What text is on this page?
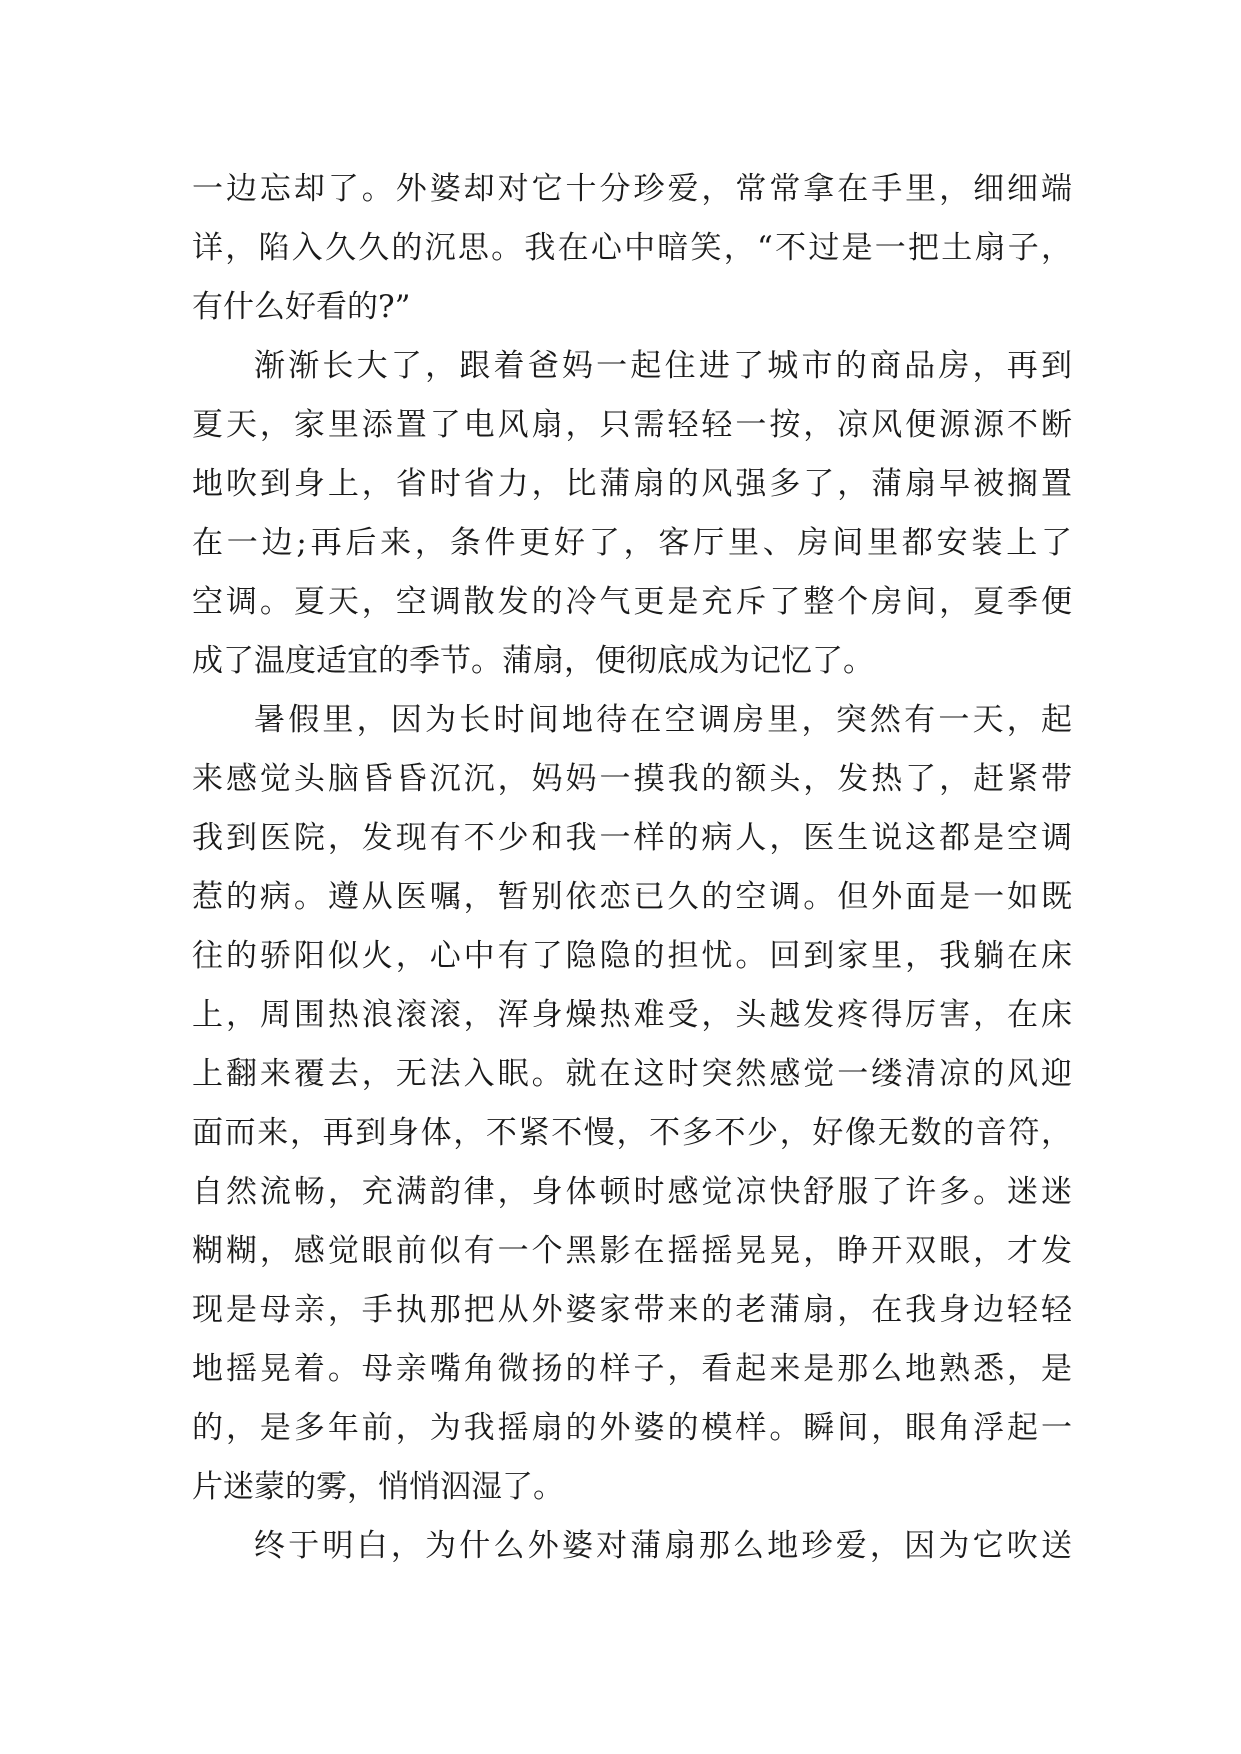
一边忘却了。外婆却对它十分珍爱，常常拿在手里，细细端
详，陷入久久的沉思。我在心中暗笑，“不过是一把土扇子，
有什么好看的?”
渐渐长大了，跟着爸妈一起住进了城市的商品房，再到
夏天，家里添置了电风扇，只需轻轻一按，凉风便源源不断
地吹到身上，省时省力，比蒲扇的风强多了，蒲扇早被搁置
在一边;再后来，条件更好了，客厅里、房间里都安装上了
空调。夏天，空调散发的冷气更是充斥了整个房间，夏季便
成了温度适宜的季节。蒲扇，便彻底成为记忆了。
暑假里，因为长时间地待在空调房里，突然有一天，起
来感觉头脑昏昏沉沉，妈妈一摸我的额头，发热了，赶紧带
我到医院，发现有不少和我一样的病人，医生说这都是空调
惹的病。遵从医嘱，暂别依恋已久的空调。但外面是一如既
往的骄阳似火，心中有了隐隐的担忧。回到家里，我躺在床
上，周围热浪滚滚，浑身燥热难受，头越发疼得厉害，在床
上翻来覆去，无法入眠。就在这时突然感觉一缕清凉的风迎
面而来，再到身体，不紧不慢，不多不少，好像无数的音符，
自然流畅，充满韵律，身体顿时感觉凉快舒服了许多。迷迷
糊糊，感觉眼前似有一个黑影在摇摇晃晃，睁开双眼，才发
现是母亲，手执那把从外婆家带来的老蒲扇，在我身边轻轻
地摇晃着。母亲嘴角微扬的样子，看起来是那么地熟悉，是
的，是多年前，为我摇扇的外婆的模样。瞬间，眼角浮起一
片迷蒙的雾，悄悄泅湿了。
终于明白，为什么外婆对蒲扇那么地珍爱，因为它吹送
